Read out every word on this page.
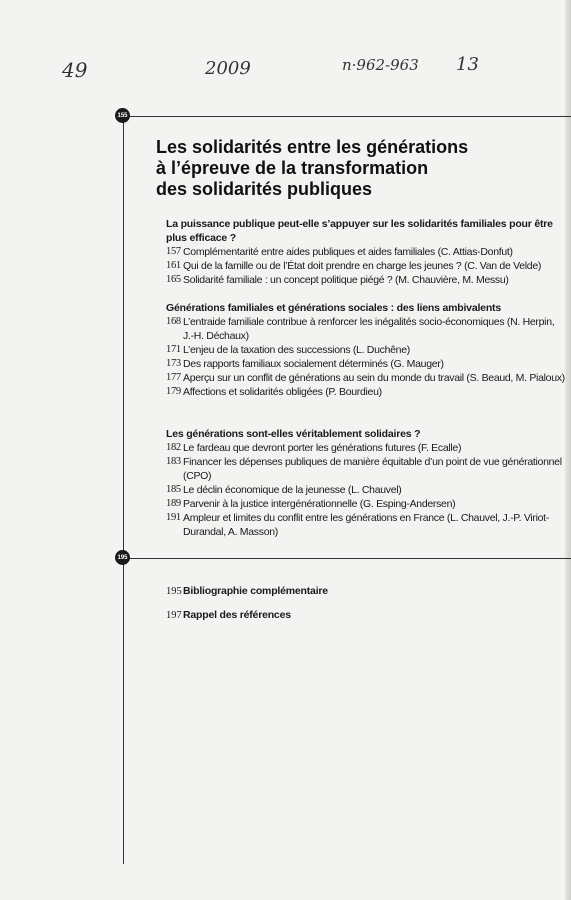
49	2009	n·962-963 13
155
195
Les solidarités entre les générations
à l’épreuve de la transformation
des solidarités publiques
La puissance publique peut-elle s’appuyer sur les solidarités familiales pour être plus efficace ?
157 Complémentarité entre aides publiques et aides familiales (C. Attias-Donfut)
161 Qui de la famille ou de l’État doit prendre en charge les jeunes ? (C. Van de Velde)
165 Solidarité familiale : un concept politique piégé ? (M. Chauvière, M. Messu)
Générations familiales et générations sociales : des liens ambivalents
168 L’entraide familiale contribue à renforcer les inégalités socio-économiques (N. Herpin, J.-H. Déchaux)
171 L’enjeu de la taxation des successions (L. Duchêne)
173 Des rapports familiaux socialement déterminés (G. Mauger)
177 Aperçu sur un conflit de générations au sein du monde du travail (S. Beaud, M. Pialoux)
179 Affections et solidarités obligées (P. Bourdieu)
Les générations sont-elles véritablement solidaires ?
182 Le fardeau que devront porter les générations futures (F. Ecalle)
183 Financer les dépenses publiques de manière équitable d’un point de vue générationnel (CPO)
185 Le déclin économique de la jeunesse (L. Chauvel)
189 Parvenir à la justice intergénérationnelle (G. Esping-Andersen)
191 Ampleur et limites du conflit entre les générations en France (L. Chauvel, J.-P. Viriot-Durandal, A. Masson)
195 Bibliographie complémentaire
197 Rappel des références
